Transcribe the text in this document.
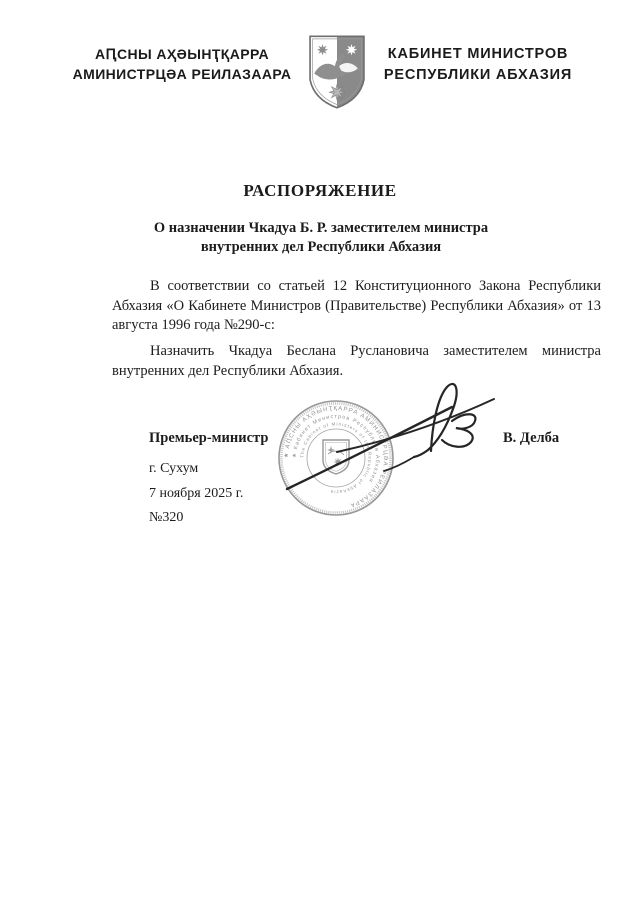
АԤСНЫ АҲӘЫНҬҚАРРА
АМИНИСТРЦӘА РЕИЛАЗААРА
КАБИНЕТ МИНИСТРОВ
РЕСПУБЛИКИ АБХАЗИЯ
РАСПОРЯЖЕНИЕ
О назначении Чкадуа Б. Р. заместителем министра
внутренних дел Республики Абхазия

В соответствии со статьей 12 Конституционного Закона Республики Абхазия «О Кабинете Министров (Правительстве) Республики Абхазия» от 13 августа 1996 года №290-с:

Назначить Чкадуа Беслана Руслановича заместителем министра внутренних дел Республики Абхазия.

★ АԤСНЫ АҲӘЫНҬҚАРРА АМИНИСТРЦӘА РЕИЛАЗААРА
★ Кабинет Министров Республики Абхазия
The Cabinet of Ministers of the Republic of Abkhazia
Премьер-министр	В. Делба
г. Сухум
7 ноября 2025 г.
№320
